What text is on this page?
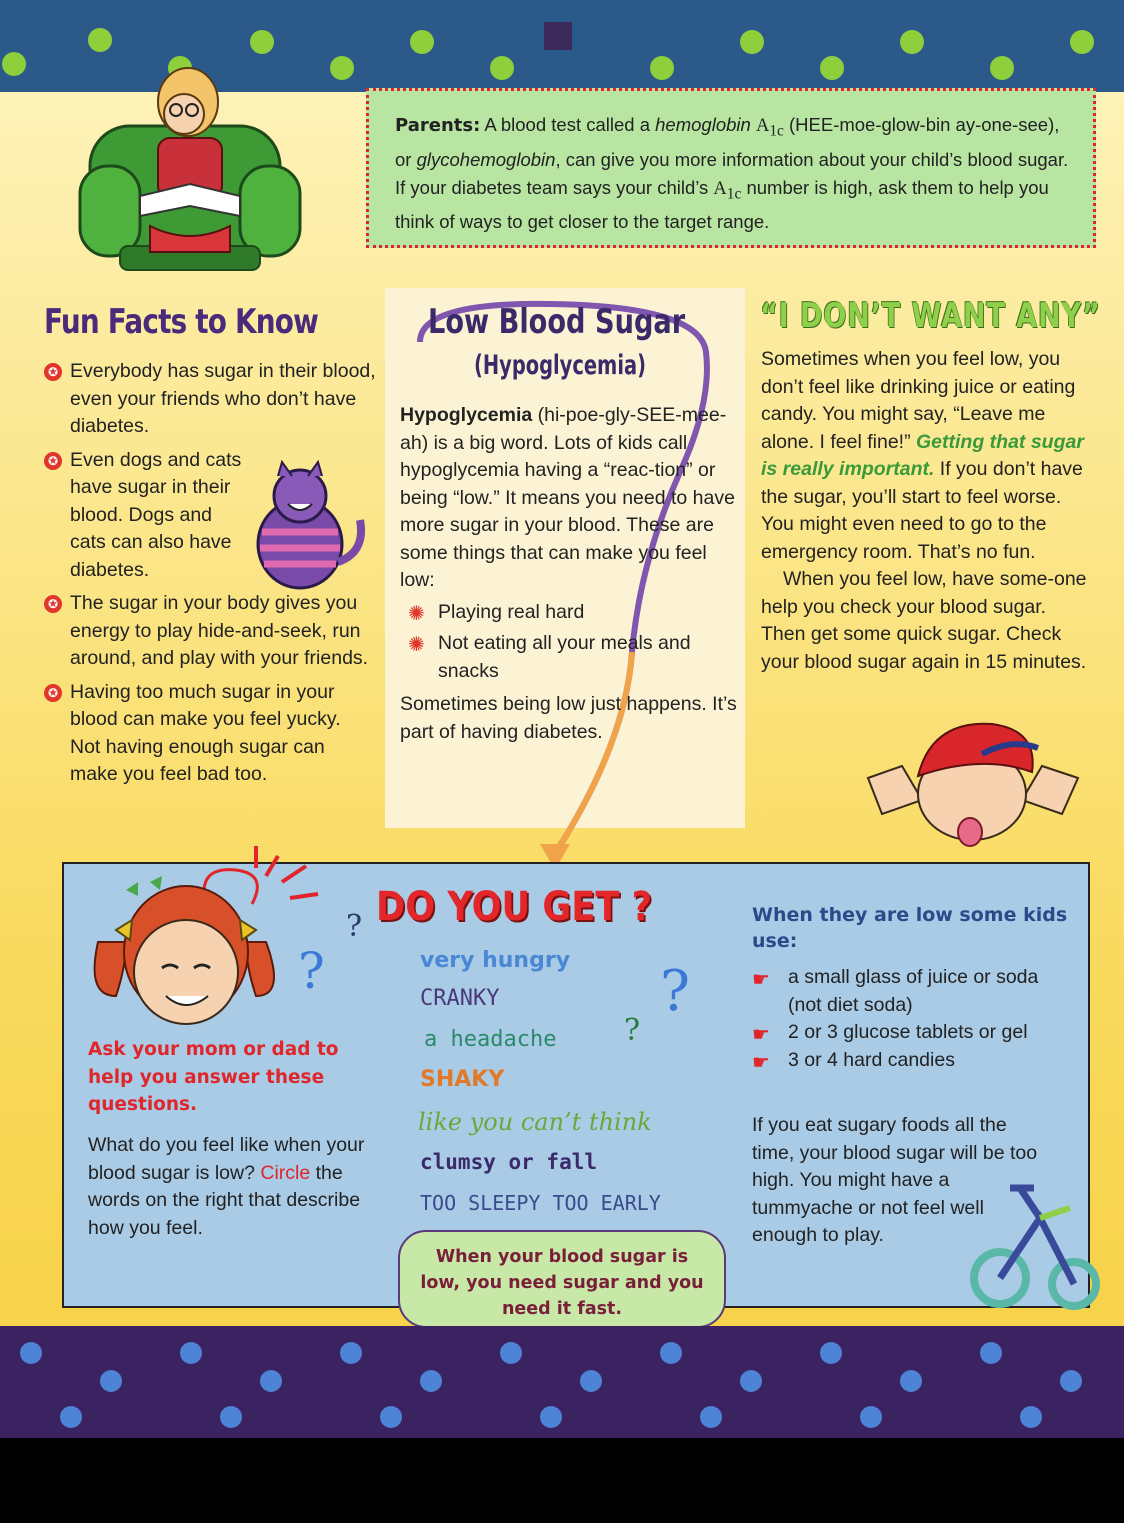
Parents: A blood test called a hemoglobin $A_{1c}$ (HEE-moe-glow-bin ay-one-see), or glycohemoglobin, can give you more information about your child’s blood sugar. If your diabetes team says your child’s $A_{1c}$ number is high, ask them to help you think of ways to get closer to the target range.
Fun Facts to Know
✪ Everybody has sugar in their blood, even your friends who don’t have diabetes.
✪ Even dogs and cats have sugar in their blood. Dogs and cats can also have diabetes.
✪ The sugar in your body gives you energy to play hide-and-seek, run around, and play with your friends.
✪ Having too much sugar in your blood can make you feel yucky. Not having enough sugar can make you feel bad too.
Low Blood Sugar
(Hypoglycemia)
Hypoglycemia (hi-poe-gly-SEE-mee-ah) is a big word. Lots of kids call hypoglycemia having a “reac-tion” or being “low.” It means you need to have more sugar in your blood. These are some things that can make you feel low:
✺ Playing real hard
✺ Not eating all your meals and snacks
Sometimes being low just happens. It’s part of having diabetes.
“I DON’T WANT ANY”
Sometimes when you feel low, you don’t feel like drinking juice or eating candy. You might say, “Leave me alone. I feel fine!” Getting that sugar is really important. If you don’t have the sugar, you’ll start to feel worse. You might even need to go to the emergency room. That’s no fun.
When you feel low, have some-one help you check your blood sugar. Then get some quick sugar. Check your blood sugar again in 15 minutes.
?
?
?
?
Ask your mom or dad to help you answer these questions.
What do you feel like when your blood sugar is low? Circle the words on the right that describe how you feel.
DO YOU GET ?
very hungry
CRANKY
a headache
SHAKY
like you can’t think
clumsy or fall
TOO SLEEPY TOO EARLY
When your blood sugar is low, you need sugar and you need it fast.
When they are low some kids use:
☛ a small glass of juice or soda (not diet soda)
☛ 2 or 3 glucose tablets or gel
☛ 3 or 4 hard candies
If you eat sugary foods all the time, your blood sugar will be too high. You might have a tummyache or not feel well enough to play.
